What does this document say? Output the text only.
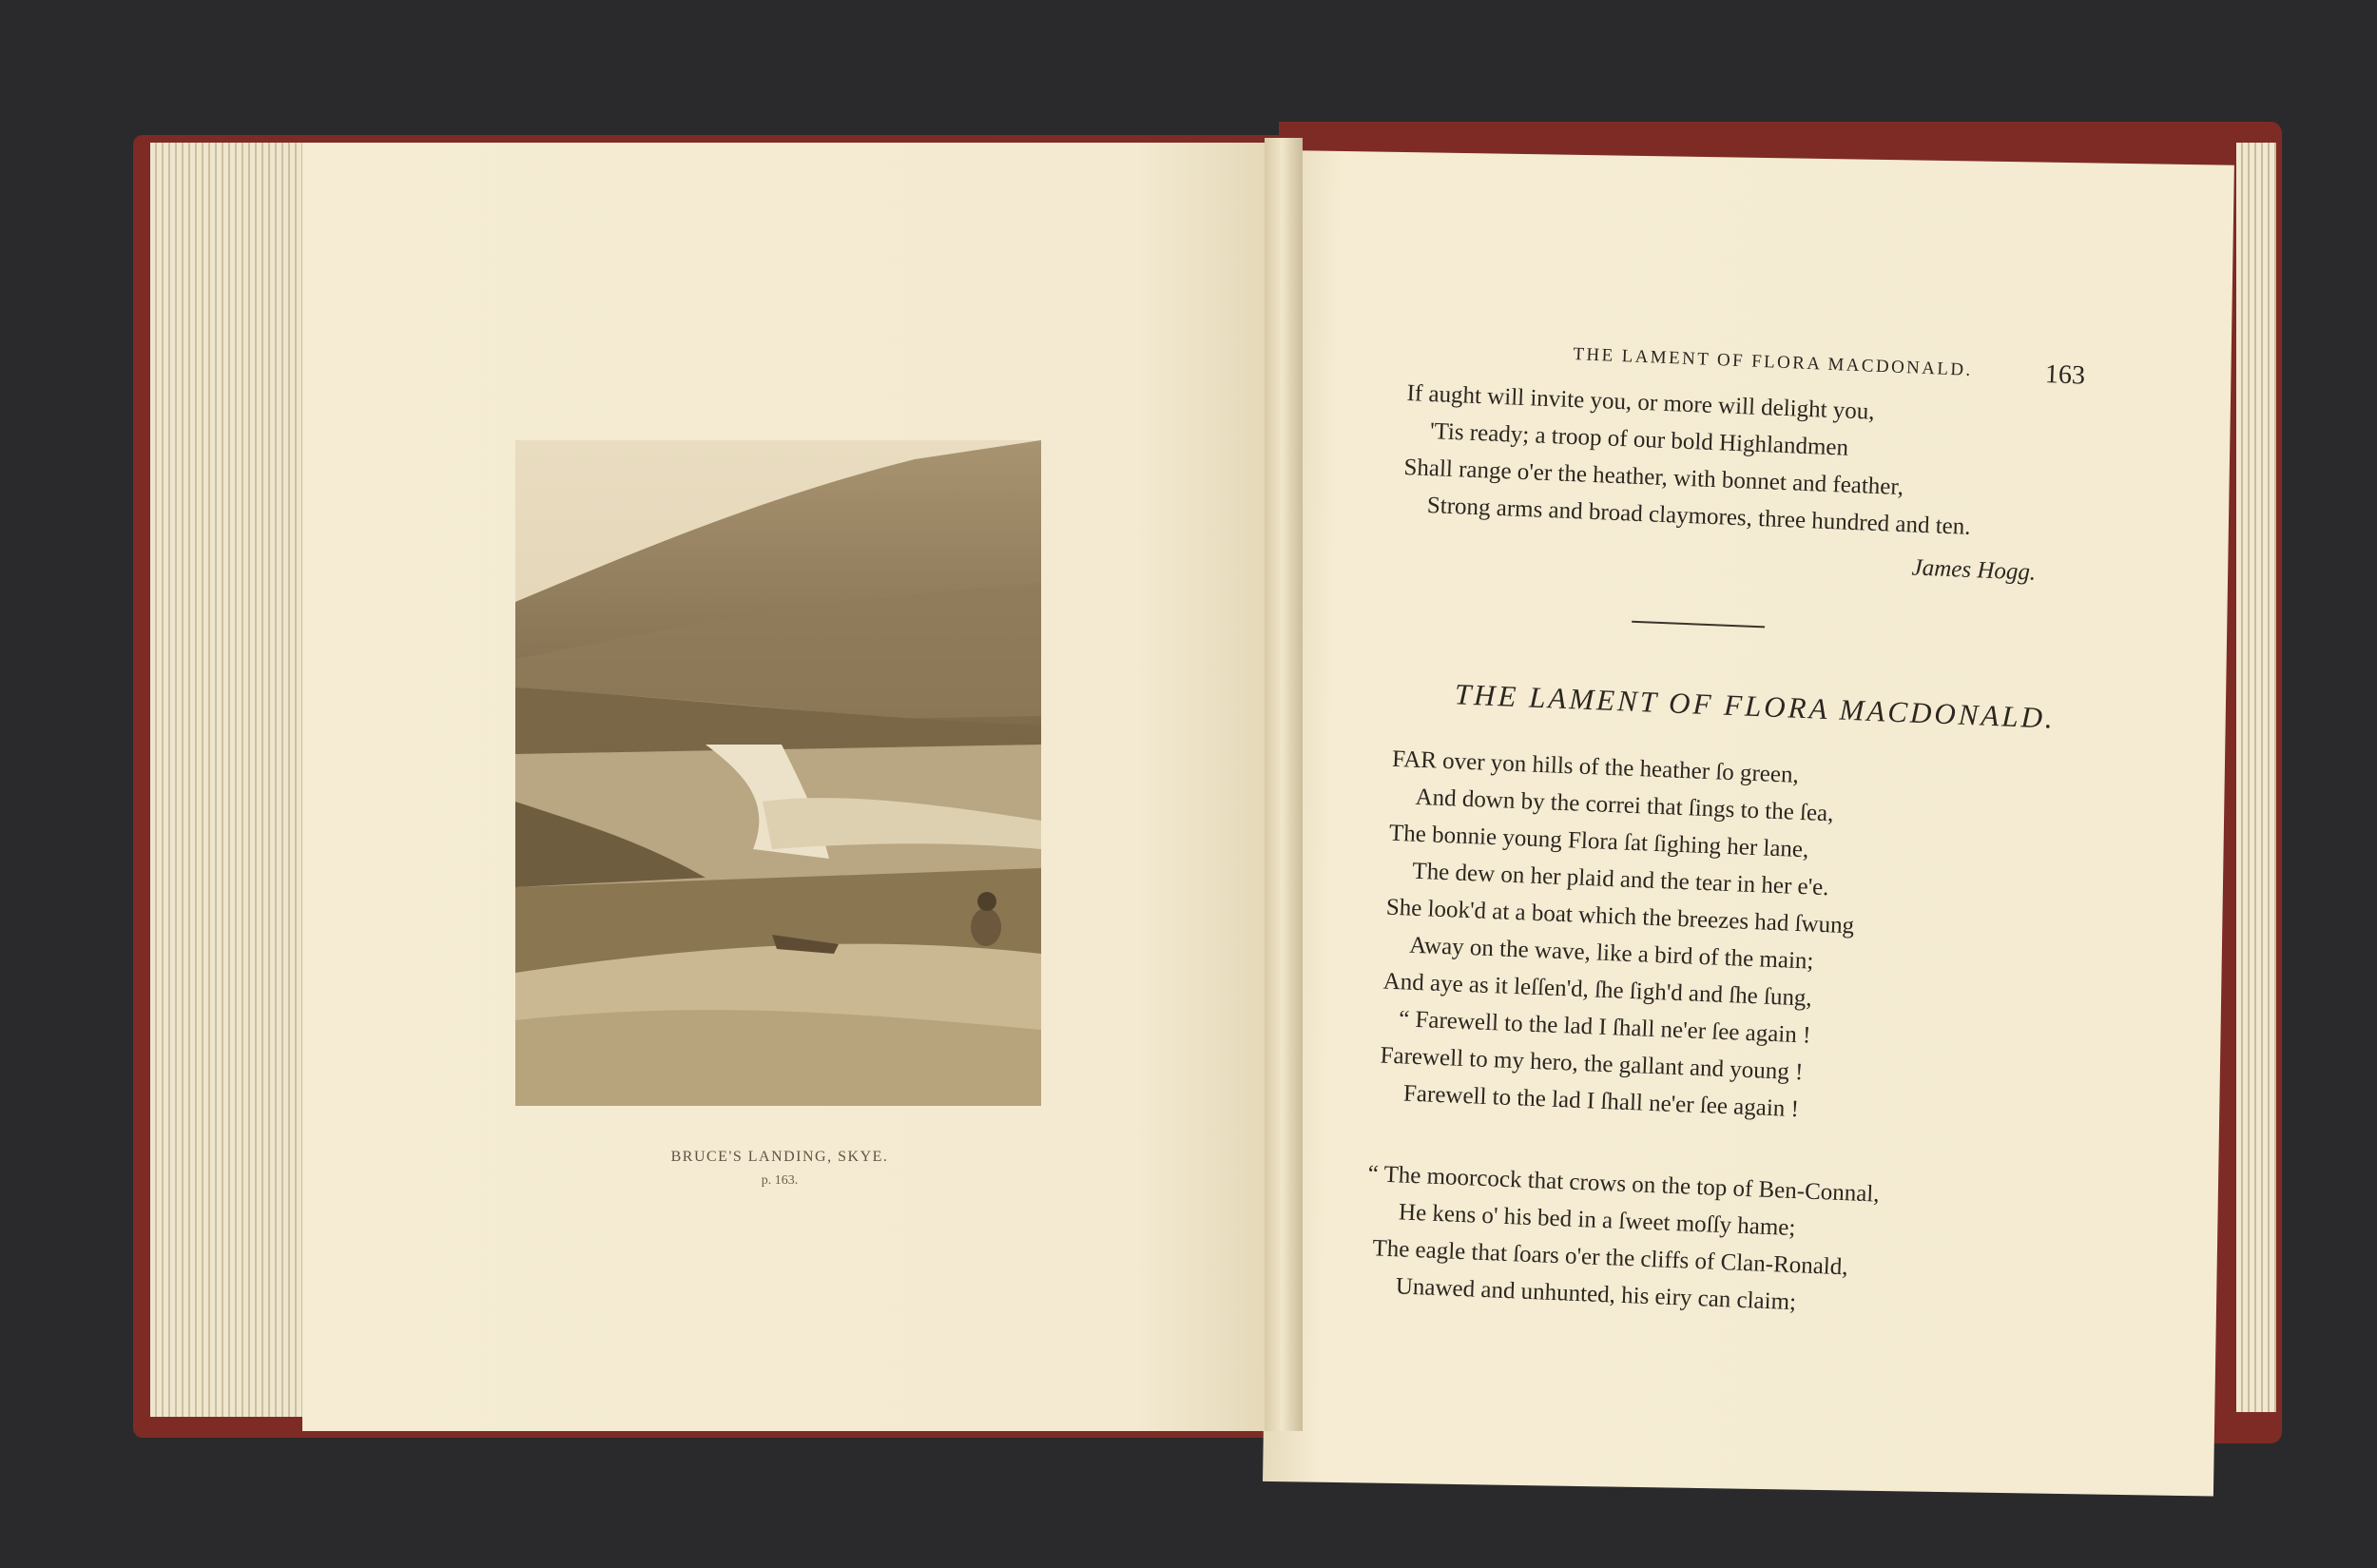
BRUCE'S LANDING, SKYE.
p. 163.
THE LAMENT OF FLORA MACDONALD.	163
If aught will invite you, or more will delight you,
'Tis ready; a troop of our bold Highlandmen
Shall range o'er the heather, with bonnet and feather,
Strong arms and broad claymores, three hundred and ten.
James Hogg.
THE LAMENT OF FLORA MACDONALD.
FAR over yon hills of the heather ſo green,
And down by the correi that ſings to the ſea,
The bonnie young Flora ſat ſighing her lane,
The dew on her plaid and the tear in her e'e.
She look'd at a boat which the breezes had ſwung
Away on the wave, like a bird of the main;
And aye as it leſſen'd, ſhe ſigh'd and ſhe ſung,
“ Farewell to the lad I ſhall ne'er ſee again !
Farewell to my hero, the gallant and young !
Farewell to the lad I ſhall ne'er ſee again !
“ The moorcock that crows on the top of Ben-Connal,
He kens o' his bed in a ſweet moſſy hame;
The eagle that ſoars o'er the cliffs of Clan-Ronald,
Unawed and unhunted, his eiry can claim;
